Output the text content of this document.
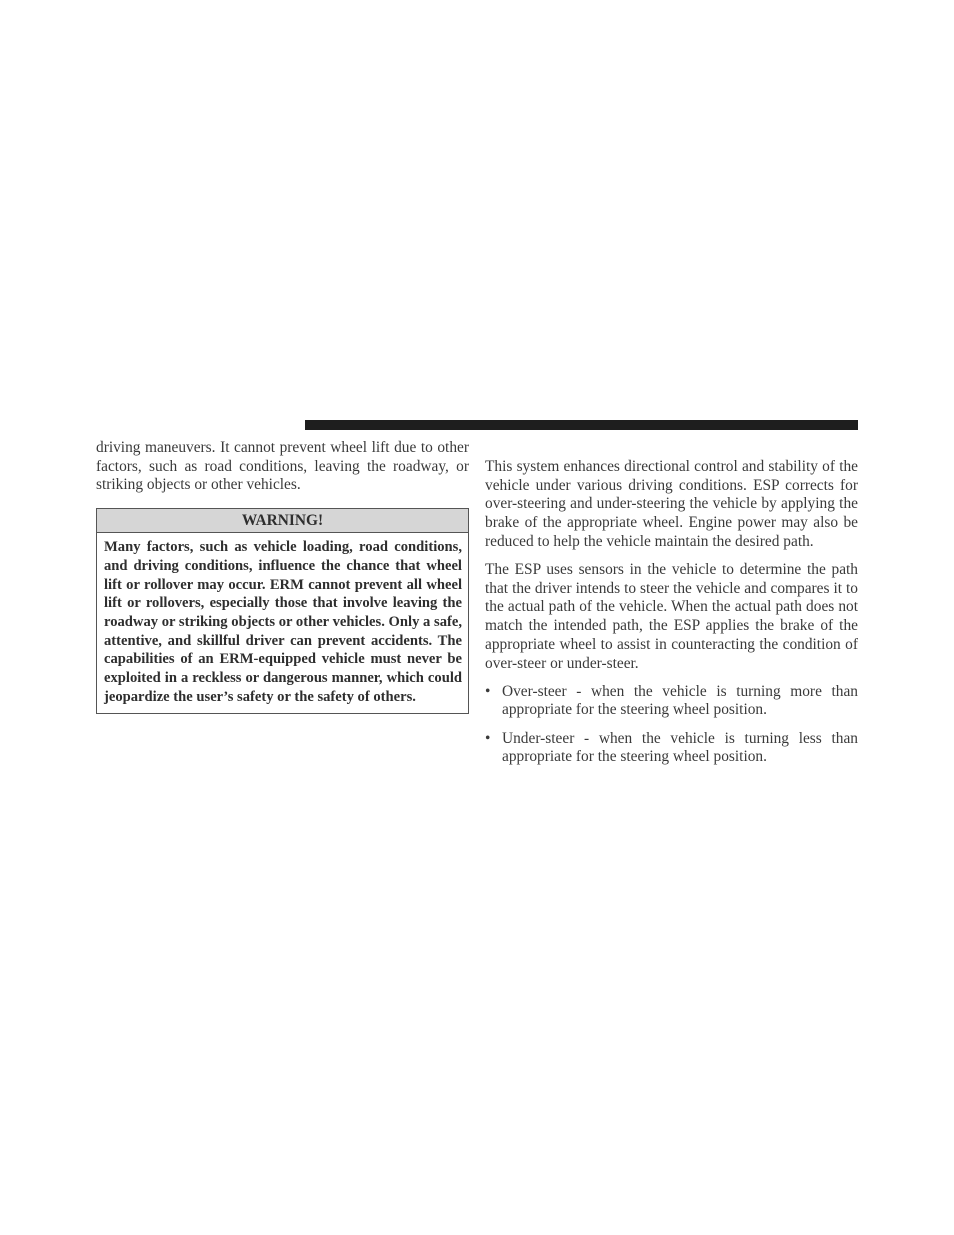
driving maneuvers. It cannot prevent wheel lift due to other factors, such as road conditions, leaving the roadway, or striking objects or other vehicles.

WARNING!

Many factors, such as vehicle loading, road conditions, and driving conditions, influence the chance that wheel lift or rollover may occur. ERM cannot prevent all wheel lift or rollovers, especially those that involve leaving the roadway or striking objects or other vehicles. Only a safe, attentive, and skillful driver can prevent accidents. The capabilities of an ERM-equipped vehicle must never be exploited in a reckless or dangerous manner, which could jeopardize the user’s safety or the safety of others.

This system enhances directional control and stability of the vehicle under various driving conditions. ESP corrects for over-steering and under-steering the vehicle by applying the brake of the appropriate wheel. Engine power may also be reduced to help the vehicle maintain the desired path.

The ESP uses sensors in the vehicle to determine the path that the driver intends to steer the vehicle and compares it to the actual path of the vehicle. When the actual path does not match the intended path, the ESP applies the brake of the appropriate wheel to assist in counteracting the condition of over-steer or under-steer.

• Over-steer - when the vehicle is turning more than appropriate for the steering wheel position.

• Under-steer - when the vehicle is turning less than appropriate for the steering wheel position.
